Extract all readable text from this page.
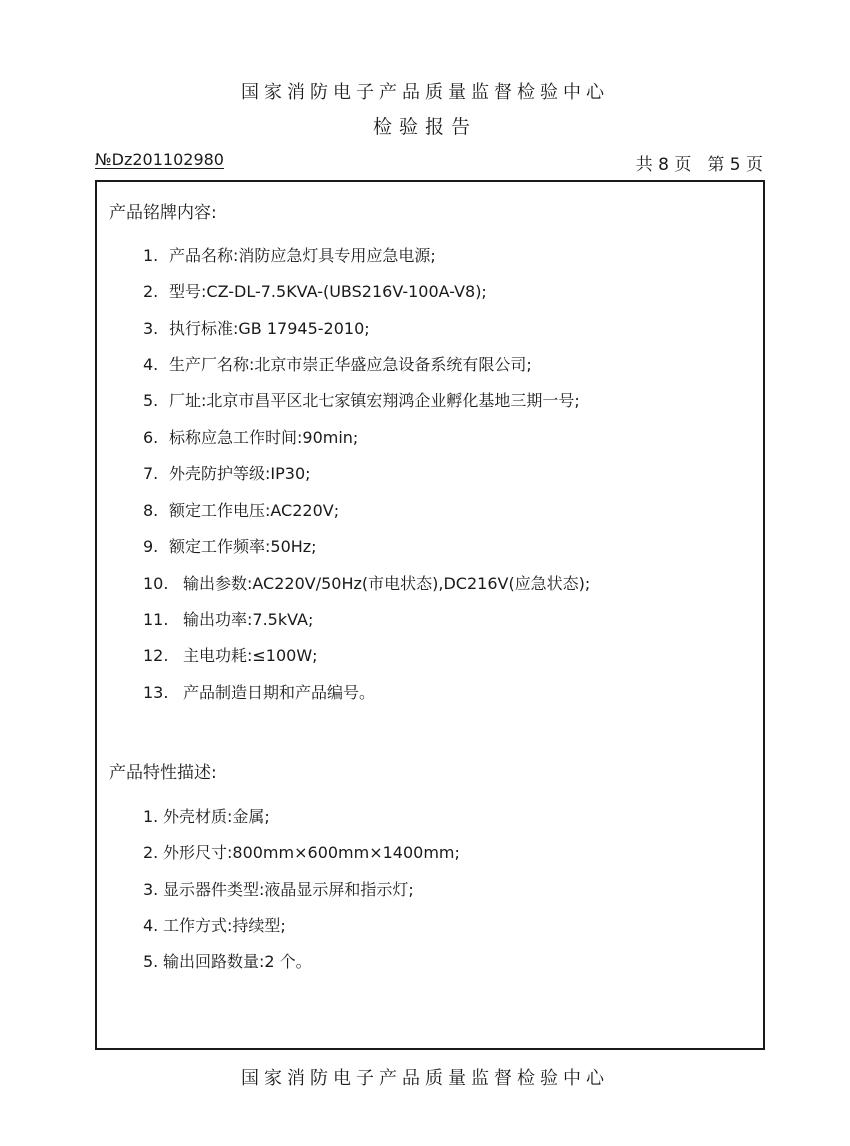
国家消防电子产品质量监督检验中心
检验报告
№Dz201102980	共 8 页 第 5 页
产品铭牌内容:
1. 产品名称:消防应急灯具专用应急电源;
2. 型号:CZ-DL-7.5KVA-(UBS216V-100A-V8);
3. 执行标准:GB 17945-2010;
4. 生产厂名称:北京市崇正华盛应急设备系统有限公司;
5. 厂址:北京市昌平区北七家镇宏翔鸿企业孵化基地三期一号;
6. 标称应急工作时间:90min;
7. 外壳防护等级:IP30;
8. 额定工作电压:AC220V;
9. 额定工作频率:50Hz;
10. 输出参数:AC220V/50Hz(市电状态),DC216V(应急状态);
11. 输出功率:7.5kVA;
12. 主电功耗:≤100W;
13. 产品制造日期和产品编号。
产品特性描述:
1. 外壳材质:金属;
2. 外形尺寸:800mm×600mm×1400mm;
3. 显示器件类型:液晶显示屏和指示灯;
4. 工作方式:持续型;
5. 输出回路数量:2 个。
国家消防电子产品质量监督检验中心
